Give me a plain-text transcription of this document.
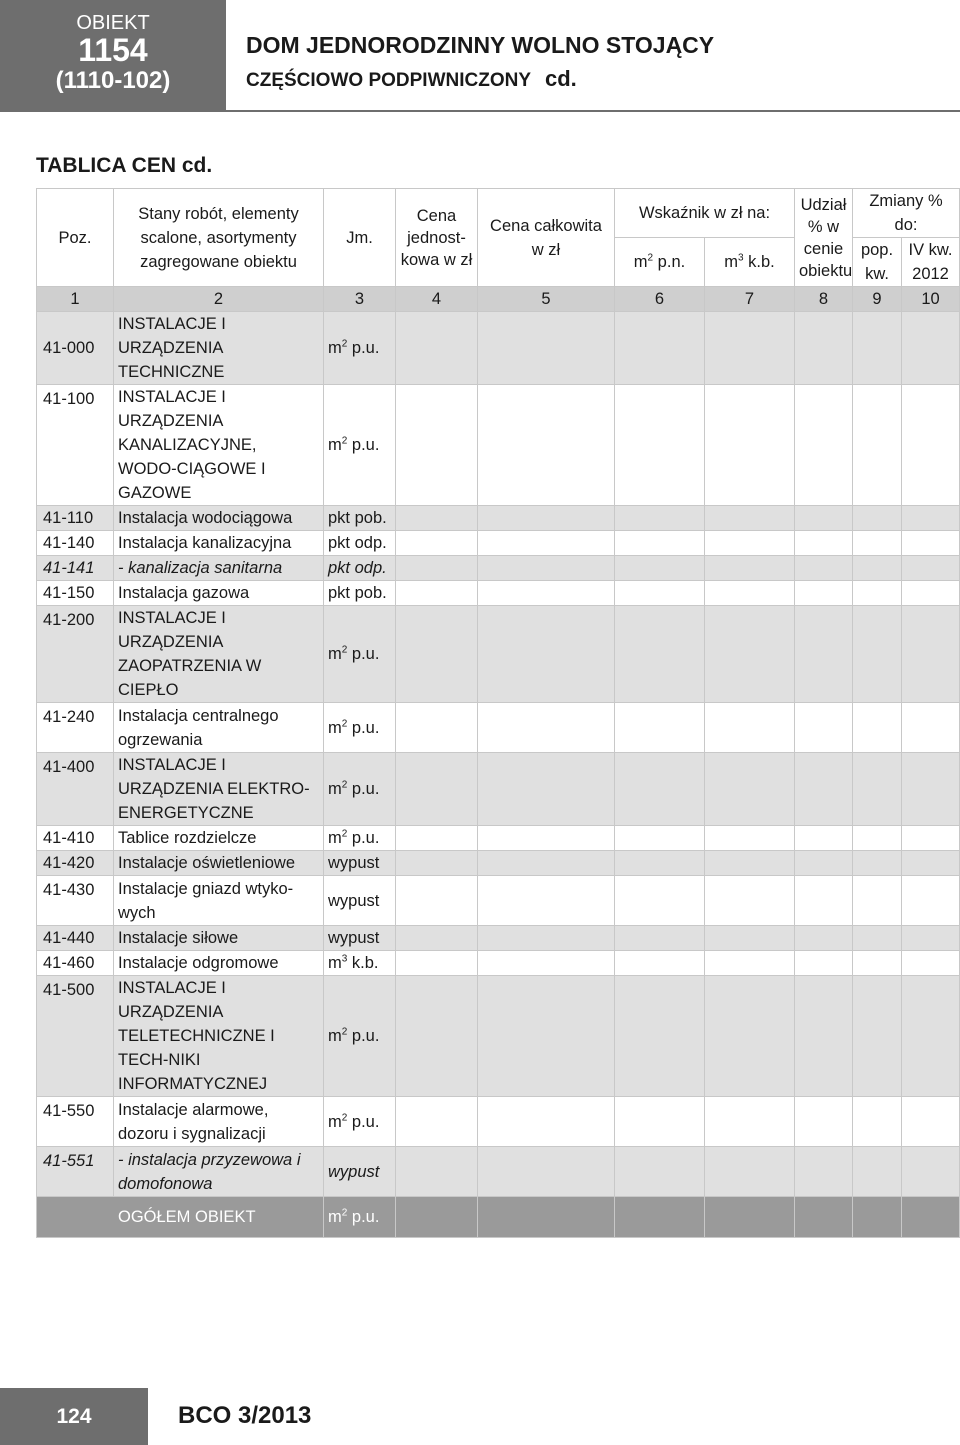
OBIEKT
1154
(1110-102)
DOM JEDNORODZINNY WOLNO STOJĄCY
CZĘŚCIOWO PODPIWNICZONY cd.
TABLICA CEN cd.
Poz.	Stany robót, elementy scalone, asortymenty zagregowane obiektu	Jm.	Cena jednost-kowa w zł	Cena całkowita w zł	Wskaźnik w zł na:		Udział % w cenie obiektu	Zmiany % do:	
					$m^2$ p.n.	$m^3$ k.b.		pop. kw.	IV kw. 2012
1	2	3	4	5	6	7	8	9	10
41-000	INSTALACJE I URZĄDZENIA TECHNICZNE	$m^2$ p.u.							
41-100	INSTALACJE I URZĄDZENIA KANALIZACYJNE, WODO-CIĄGOWE I GAZOWE	$m^2$ p.u.							
41-110	Instalacja wodociągowa	pkt pob.							
41-140	Instalacja kanalizacyjna	pkt odp.							
41-141	- kanalizacja sanitarna	pkt odp.							
41-150	Instalacja gazowa	pkt pob.							
41-200	INSTALACJE I URZĄDZENIA ZAOPATRZENIA W CIEPŁO	$m^2$ p.u.							
41-240	Instalacja centralnego ogrzewania	$m^2$ p.u.							
41-400	INSTALACJE I URZĄDZENIA ELEKTRO-ENERGETYCZNE	$m^2$ p.u.							
41-410	Tablice rozdzielcze	$m^2$ p.u.							
41-420	Instalacje oświetleniowe	wypust							
41-430	Instalacje gniazd wtyko-wych	wypust							
41-440	Instalacje siłowe	wypust							
41-460	Instalacje odgromowe	$m^3$ k.b.							
41-500	INSTALACJE I URZĄDZENIA TELETECHNICZNE I TECH-NIKI INFORMATYCZNEJ	$m^2$ p.u.							
41-550	Instalacje alarmowe, dozoru i sygnalizacji	$m^2$ p.u.							
41-551	- instalacja przyzewowa i domofonowa	wypust							
	OGÓŁEM OBIEKT	$m^2$ p.u.							
124	BCO 3/2013
